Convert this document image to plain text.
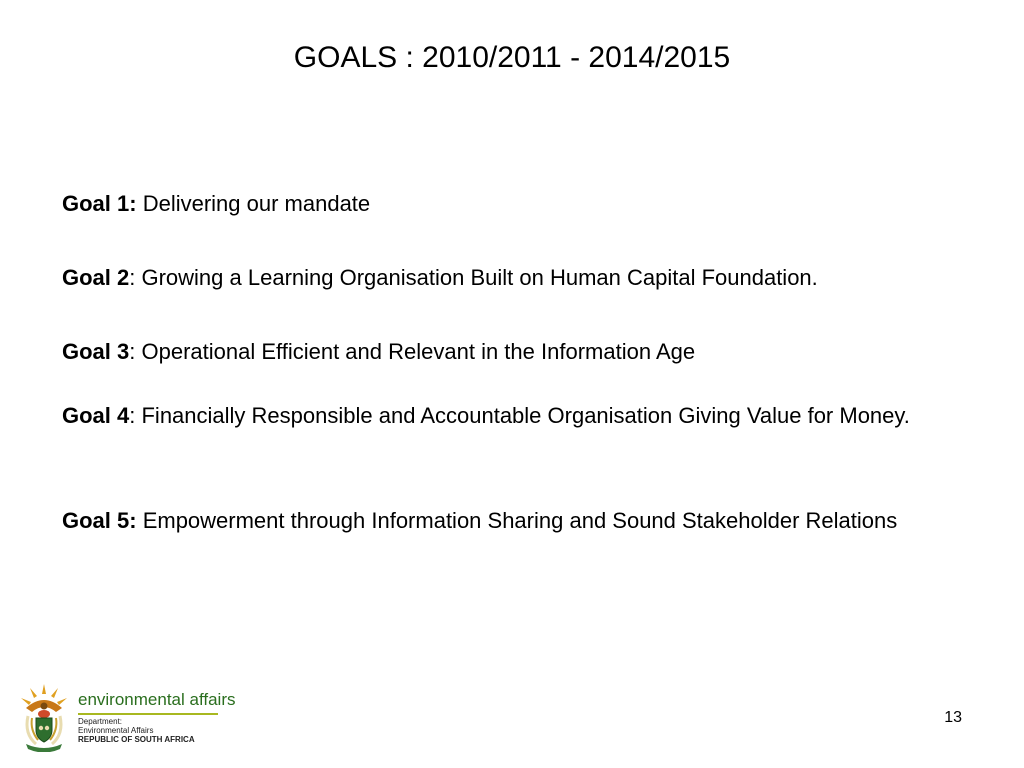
GOALS : 2010/2011 - 2014/2015

Goal 1: Delivering our mandate

Goal 2: Growing a Learning Organisation Built on Human Capital Foundation.

Goal 3: Operational Efficient and Relevant in the Information Age

Goal 4: Financially Responsible and Accountable Organisation Giving Value for Money.

Goal 5: Empowerment through Information Sharing and Sound Stakeholder Relations

environmental affairs
Department:
Environmental Affairs
REPUBLIC OF SOUTH AFRICA
13
